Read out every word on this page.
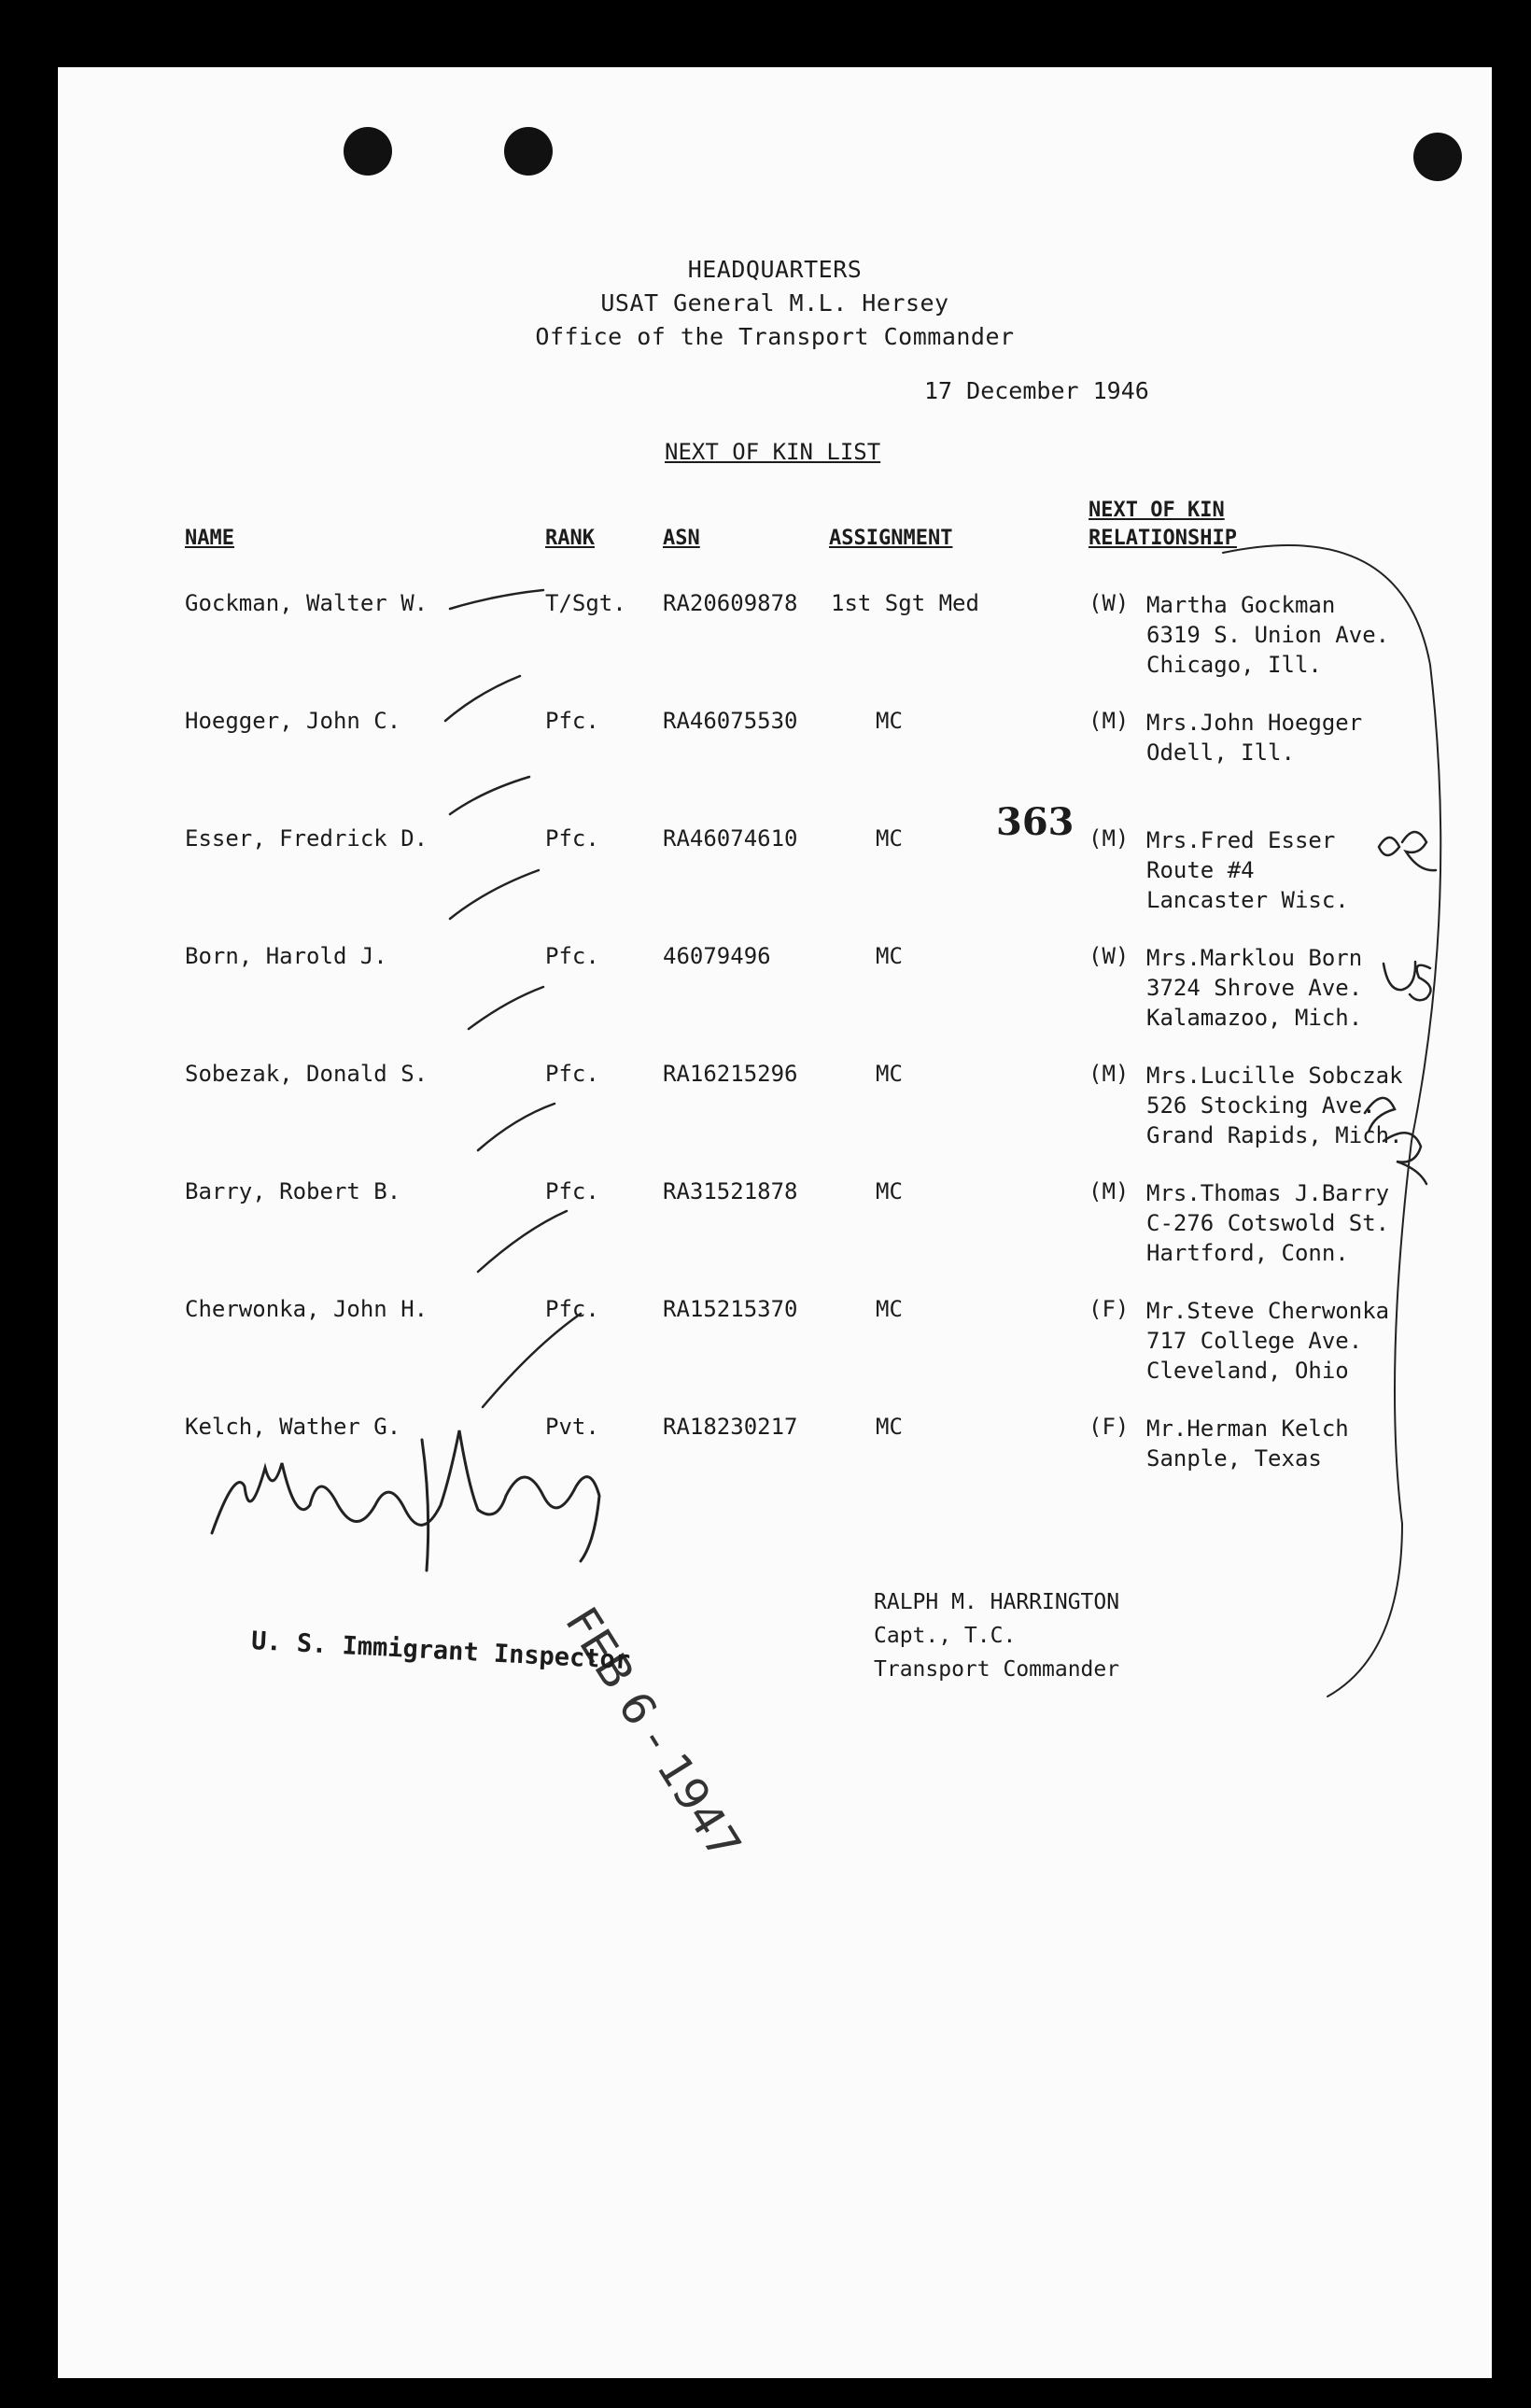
HEADQUARTERS
USAT General M.L. Hersey
Office of the Transport Commander
17 December 1946
NEXT OF KIN LIST
NAME	RANK	ASN	ASSIGNMENT
NEXT OF KIN
RELATIONSHIP
Gockman, Walter W.	T/Sgt. RA20609878 1st Sgt Med	(W) Martha Gockman
6319 S. Union Ave.
Chicago, Ill.
Hoegger, John C.	Pfc.	RA46075530	MC	(M) Mrs.John Hoegger
Odell, Ill.
Esser, Fredrick D.	Pfc.	RA46074610	MC	(M) Mrs.Fred Esser
Route #4
Lancaster Wisc.
Born, Harold J.	Pfc.	46079496	MC	(W) Mrs.Marklou Born
3724 Shrove Ave.
Kalamazoo, Mich.
Sobezak, Donald S.	Pfc.	RA16215296	MC	(M) Mrs.Lucille Sobczak
526 Stocking Ave.
Grand Rapids, Mich.
Barry, Robert B.	Pfc.	RA31521878	MC	(M) Mrs.Thomas J.Barry
C-276 Cotswold St.
Hartford, Conn.
Cherwonka, John H.	Pfc.	RA15215370	MC	(F) Mr.Steve Cherwonka
717 College Ave.
Cleveland, Ohio
Kelch, Wather G.	Pvt.	RA18230217	MC	(F) Mr.Herman Kelch
Sanple, Texas
363
FEB 6 - 1947
U. S. Immigrant Inspector
RALPH M. HARRINGTON
Capt., T.C.
Transport Commander
